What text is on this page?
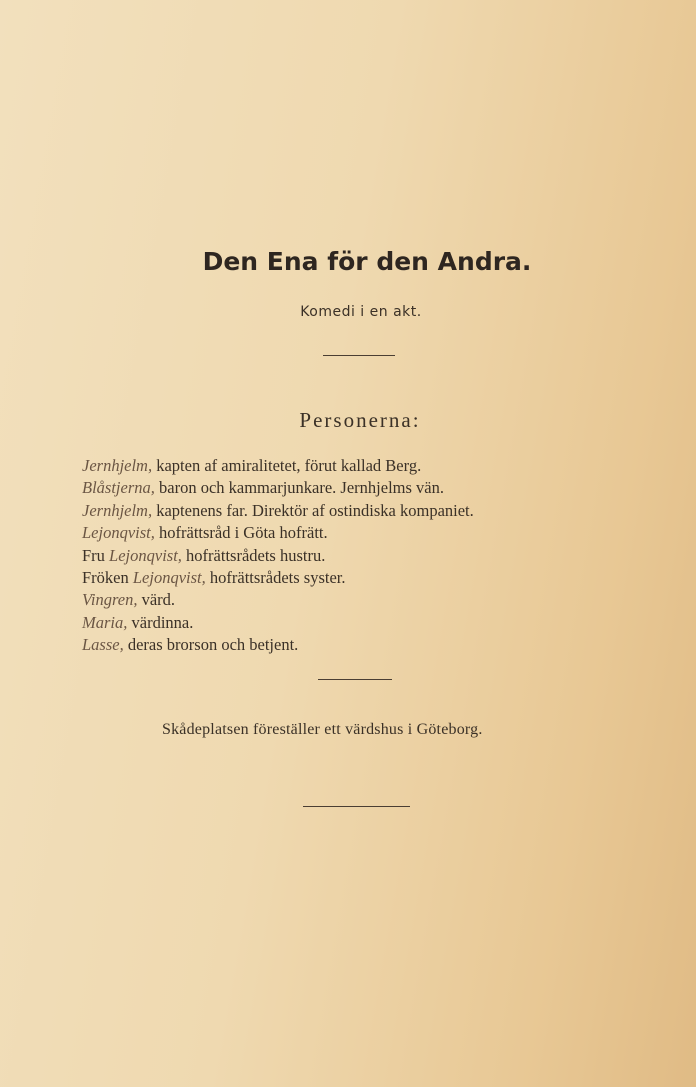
Den Ena för den Andra.
Komedi i en akt.
Personerna:
Jernhjelm, kapten af amiralitetet, förut kallad Berg.
Blåstjerna, baron och kammarjunkare. Jernhjelms vän.
Jernhjelm, kaptenens far. Direktör af ostindiska kompaniet.
Lejonqvist, hofrättsråd i Göta hofrätt.
Fru Lejonqvist, hofrättsrådets hustru.
Fröken Lejonqvist, hofrättsrådets syster.
Vingren, värd.
Maria, värdinna.
Lasse, deras brorson och betjent.
Skådeplatsen föreställer ett värdshus i Göteborg.
